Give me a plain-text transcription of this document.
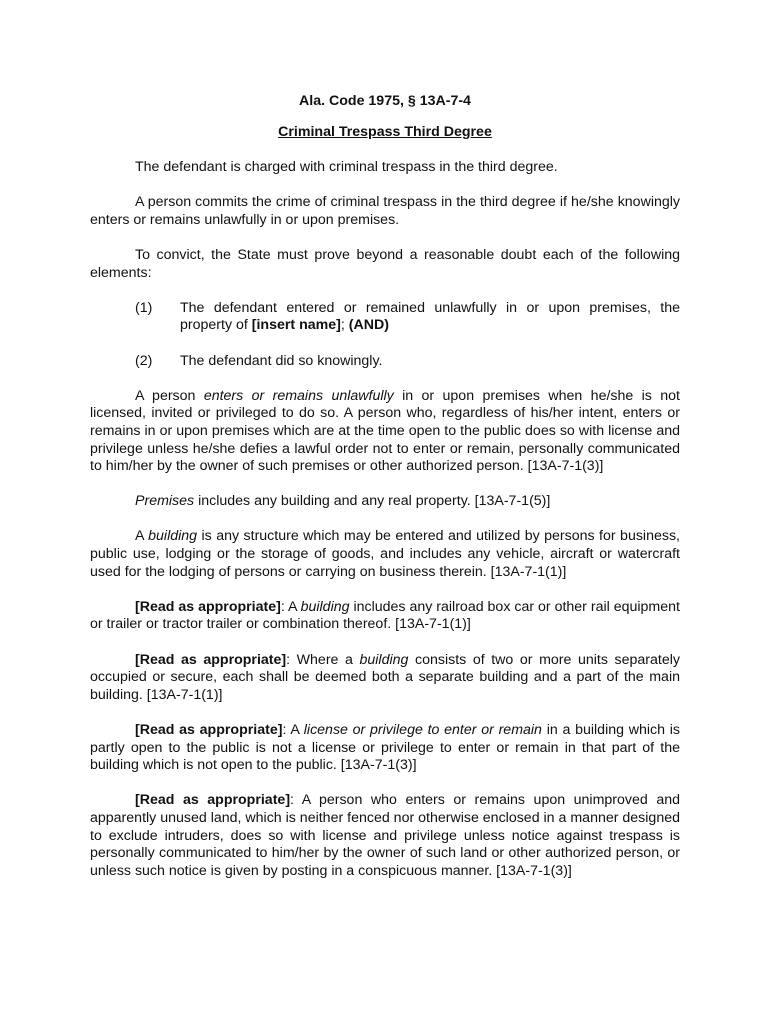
Ala. Code 1975, § 13A-7-4

Criminal Trespass Third Degree

The defendant is charged with criminal trespass in the third degree.

A person commits the crime of criminal trespass in the third degree if he/she knowingly enters or remains unlawfully in or upon premises.

To convict, the State must prove beyond a reasonable doubt each of the following elements:

(1)	The defendant entered or remained unlawfully in or upon premises, the property of [insert name]; (AND)
(2)	The defendant did so knowingly.

A person enters or remains unlawfully in or upon premises when he/she is not licensed, invited or privileged to do so. A person who, regardless of his/her intent, enters or remains in or upon premises which are at the time open to the public does so with license and privilege unless he/she defies a lawful order not to enter or remain, personally communicated to him/her by the owner of such premises or other authorized person. [13A-7-1(3)]

Premises includes any building and any real property. [13A-7-1(5)]

A building is any structure which may be entered and utilized by persons for business, public use, lodging or the storage of goods, and includes any vehicle, aircraft or watercraft used for the lodging of persons or carrying on business therein. [13A-7-1(1)]

[Read as appropriate]: A building includes any railroad box car or other rail equipment or trailer or tractor trailer or combination thereof. [13A-7-1(1)]

[Read as appropriate]: Where a building consists of two or more units separately occupied or secure, each shall be deemed both a separate building and a part of the main building. [13A-7-1(1)]

[Read as appropriate]: A license or privilege to enter or remain in a building which is partly open to the public is not a license or privilege to enter or remain in that part of the building which is not open to the public. [13A-7-1(3)]

[Read as appropriate]: A person who enters or remains upon unimproved and apparently unused land, which is neither fenced nor otherwise enclosed in a manner designed to exclude intruders, does so with license and privilege unless notice against trespass is personally communicated to him/her by the owner of such land or other authorized person, or unless such notice is given by posting in a conspicuous manner. [13A-7-1(3)]
